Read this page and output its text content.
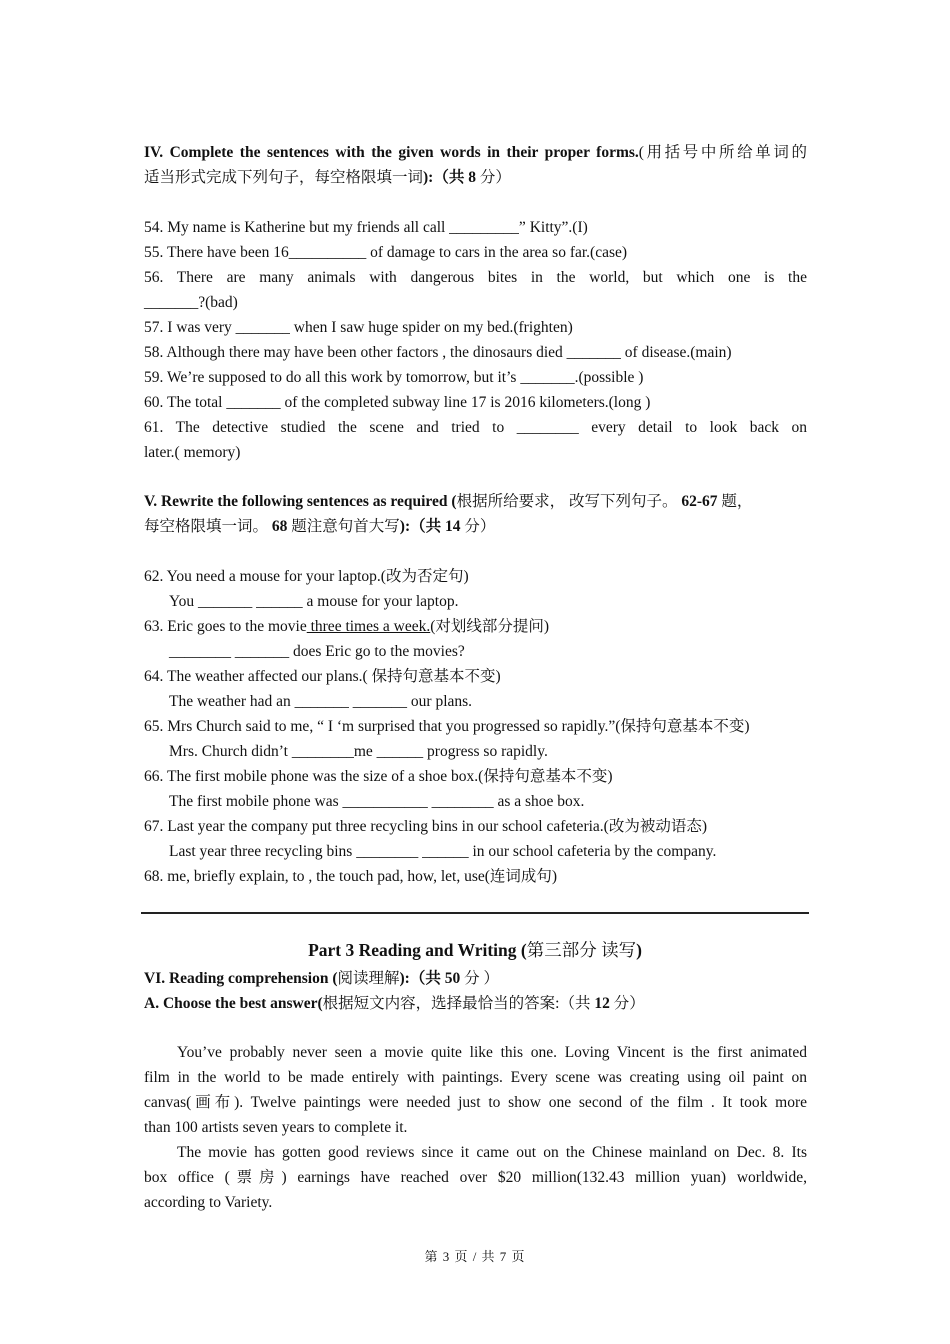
IV. Complete the sentences with the given words in their proper forms.(用括号中所给单词的
适当形式完成下列句子，每空格限填一词):（共 8 分）
54. My name is Katherine but my friends all call _________” Kitty”.(I)
55. There have been 16__________ of damage to cars in the area so far.(case)
56. There are many animals with dangerous bites in the world, but which one is the
_______?(bad)
57. I was very _______ when I saw huge spider on my bed.(frighten)
58. Although there may have been other factors , the dinosaurs died _______ of disease.(main)
59. We’re supposed to do all this work by tomorrow, but it’s _______.(possible )
60. The total _______ of the completed subway line 17 is 2016 kilometers.(long )
61. The detective studied the scene and tried to ________ every detail to look back on
later.( memory)
V. Rewrite the following sentences as required (根据所给要求， 改写下列句子。 62-67 题，
每空格限填一词。 68 题注意句首大写):（共 14 分）
62. You need a mouse for your laptop.(改为否定句)
You _______ ______ a mouse for your laptop.
63. Eric goes to the movie three times a week.(对划线部分提问)
________ _______ does Eric go to the movies?
64. The weather affected our plans.( 保持句意基本不变)
The weather had an _______ _______ our plans.
65. Mrs Church said to me, “ I ‘m surprised that you progressed so rapidly.”(保持句意基本不变)
Mrs. Church didn’t ________me ______ progress so rapidly.
66. The first mobile phone was the size of a shoe box.(保持句意基本不变)
The first mobile phone was ___________ ________ as a shoe box.
67. Last year the company put three recycling bins in our school cafeteria.(改为被动语态)
Last year three recycling bins ________ ______ in our school cafeteria by the company.
68. me, briefly explain, to , the touch pad, how, let, use(连词成句)
VI. Reading comprehension (阅读理解):（共 50 分 ）
A. Choose the best answer(根据短文内容，选择最恰当的答案:（共 12 分）
You’ve probably never seen a movie quite like this one. Loving Vincent is the first animated
film in the world to be made entirely with paintings. Every scene was creating using oil paint on
canvas(画布). Twelve paintings were needed just to show one second of the film . It took more
than 100 artists seven years to complete it.
The movie has gotten good reviews since it came out on the Chinese mainland on Dec. 8. Its
box office (票房) earnings have reached over $20 million(132.43 million yuan) worldwide,
according to Variety.
Part 3 Reading and Writing (第三部分 读写)
第 3 页 / 共 7 页
